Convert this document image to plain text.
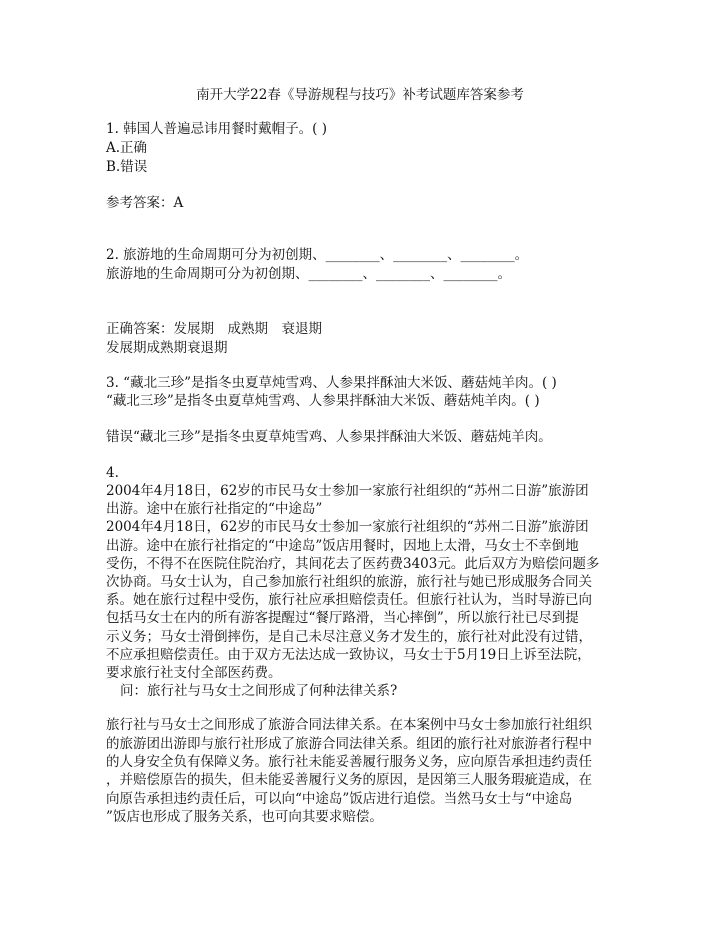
南开大学22春《导游规程与技巧》补考试题库答案参考
1. 韩国人普遍忌讳用餐时戴帽子。( )
A.正确
B.错误
参考答案：A
2. 旅游地的生命周期可分为初创期、________、________、________。
旅游地的生命周期可分为初创期、________、________、________。
正确答案：发展期　成熟期　衰退期
发展期成熟期衰退期
3. “藏北三珍”是指冬虫夏草炖雪鸡、人参果拌酥油大米饭、蘑菇炖羊肉。( )
“藏北三珍”是指冬虫夏草炖雪鸡、人参果拌酥油大米饭、蘑菇炖羊肉。( )
错误“藏北三珍”是指冬虫夏草炖雪鸡、人参果拌酥油大米饭、蘑菇炖羊肉。
4.
2004年4月18日，62岁的市民马女士参加一家旅行社组织的“苏州二日游”旅游团
出游。途中在旅行社指定的“中途岛”
2004年4月18日，62岁的市民马女士参加一家旅行社组织的“苏州二日游”旅游团
出游。途中在旅行社指定的“中途岛”饭店用餐时，因地上太滑，马女士不幸倒地
受伤，不得不在医院住院治疗，其间花去了医药费3403元。此后双方为赔偿问题多
次协商。马女士认为，自己参加旅行社组织的旅游，旅行社与她已形成服务合同关
系。她在旅行过程中受伤，旅行社应承担赔偿责任。但旅行社认为，当时导游已向
包括马女士在内的所有游客提醒过“餐厅路滑，当心摔倒”，所以旅行社已尽到提
示义务；马女士滑倒摔伤，是自己未尽注意义务才发生的，旅行社对此没有过错，
不应承担赔偿责任。由于双方无法达成一致协议，马女士于5月19日上诉至法院，
要求旅行社支付全部医药费。
问：旅行社与马女士之间形成了何种法律关系?
旅行社与马女士之间形成了旅游合同法律关系。在本案例中马女士参加旅行社组织
的旅游团出游即与旅行社形成了旅游合同法律关系。组团的旅行社对旅游者行程中
的人身安全负有保障义务。旅行社未能妥善履行服务义务，应向原告承担违约责任
，并赔偿原告的损失，但未能妥善履行义务的原因，是因第三人服务瑕疵造成，在
向原告承担违约责任后，可以向“中途岛”饭店进行追偿。当然马女士与“中途岛
”饭店也形成了服务关系，也可向其要求赔偿。
